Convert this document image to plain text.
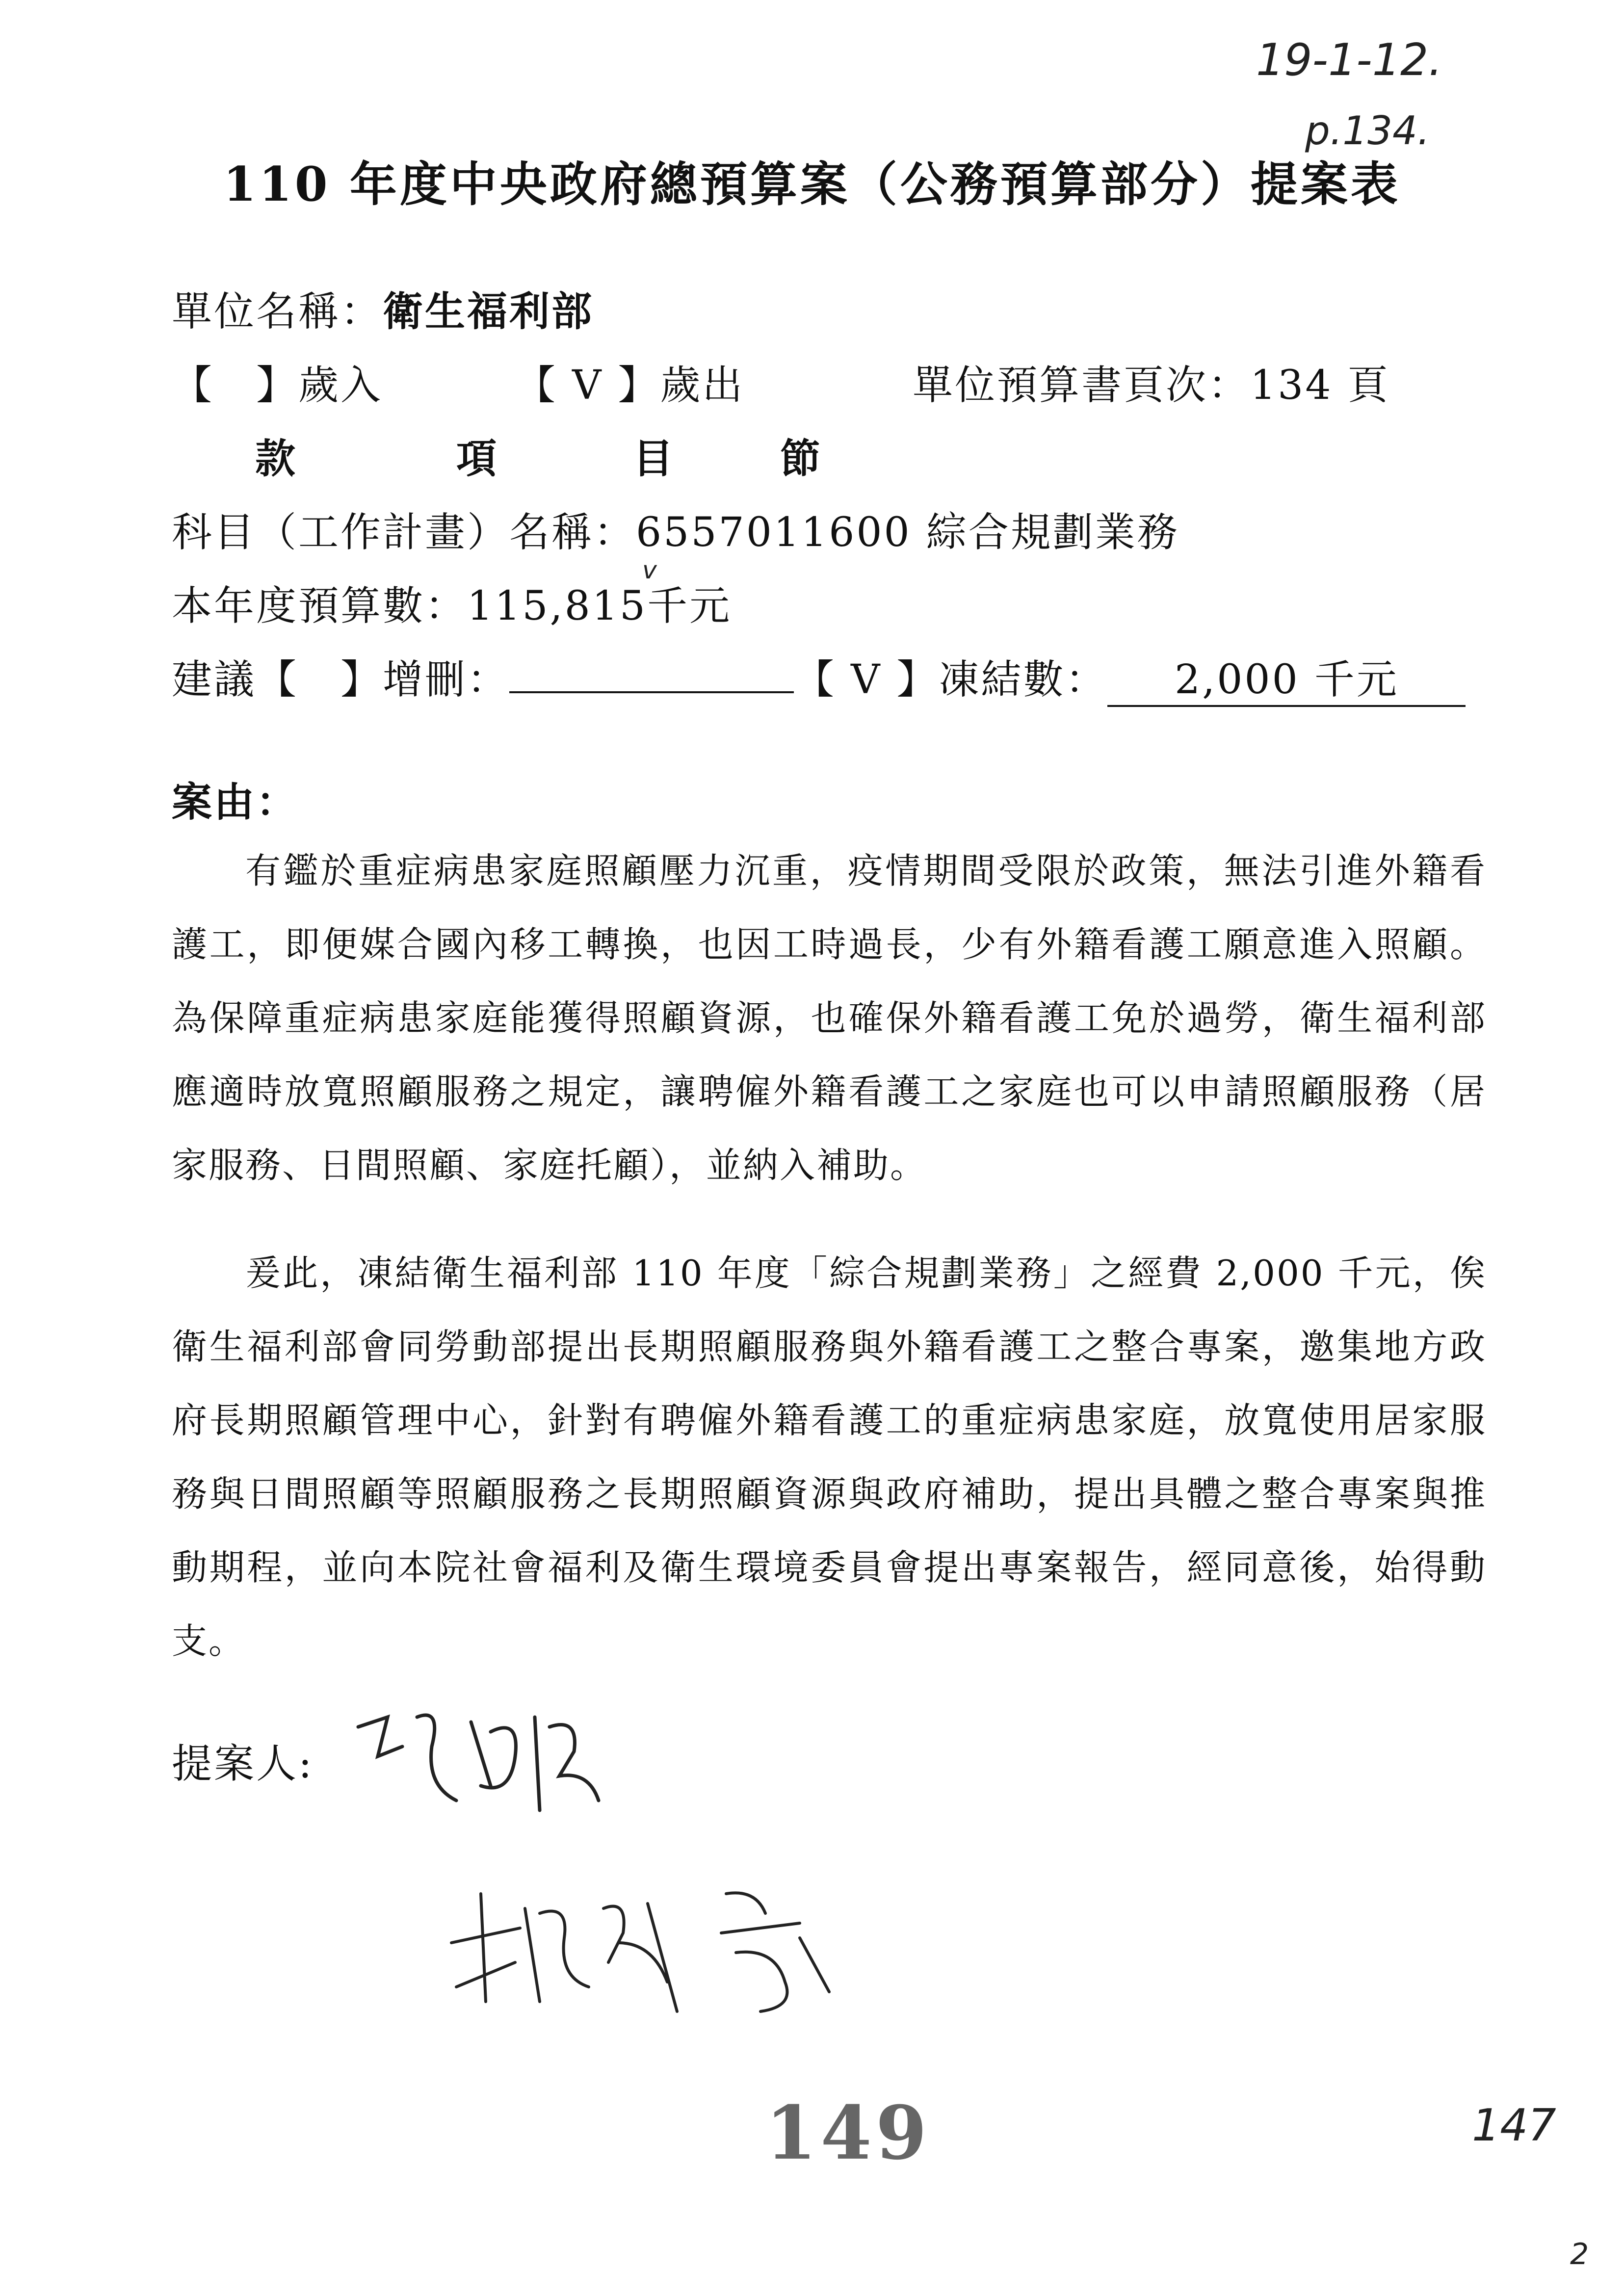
19-1-12.
p.134.
110 年度中央政府總預算案（公務預算部分）提案表
單位名稱：衛生福利部
【　】歲入	【 V 】歲出	單位預算書頁次：134 頁
款	項	目	節
科目（工作計畫）名稱：6557011600 綜合規劃業務
本年度預算數：115,815
v
千元
建議【　】增刪：	【 V 】凍結數： 2,000 千元
案由：

有鑑於重症病患家庭照顧壓力沉重，疫情期間受限於政策，無法引進外籍看護工，即便媒合國內移工轉換，也因工時過長，少有外籍看護工願意進入照顧。為保障重症病患家庭能獲得照顧資源，也確保外籍看護工免於過勞，衛生福利部應適時放寬照顧服務之規定，讓聘僱外籍看護工之家庭也可以申請照顧服務（居家服務、日間照顧、家庭托顧），並納入補助。

爰此，凍結衛生福利部 110 年度「綜合規劃業務」之經費 2,000 千元，俟衛生福利部會同勞動部提出長期照顧服務與外籍看護工之整合專案，邀集地方政府長期照顧管理中心，針對有聘僱外籍看護工的重症病患家庭，放寬使用居家服務與日間照顧等照顧服務之長期照顧資源與政府補助，提出具體之整合專案與推動期程，並向本院社會福利及衛生環境委員會提出專案報告，經同意後，始得動支。

提案人:
149	147
2
